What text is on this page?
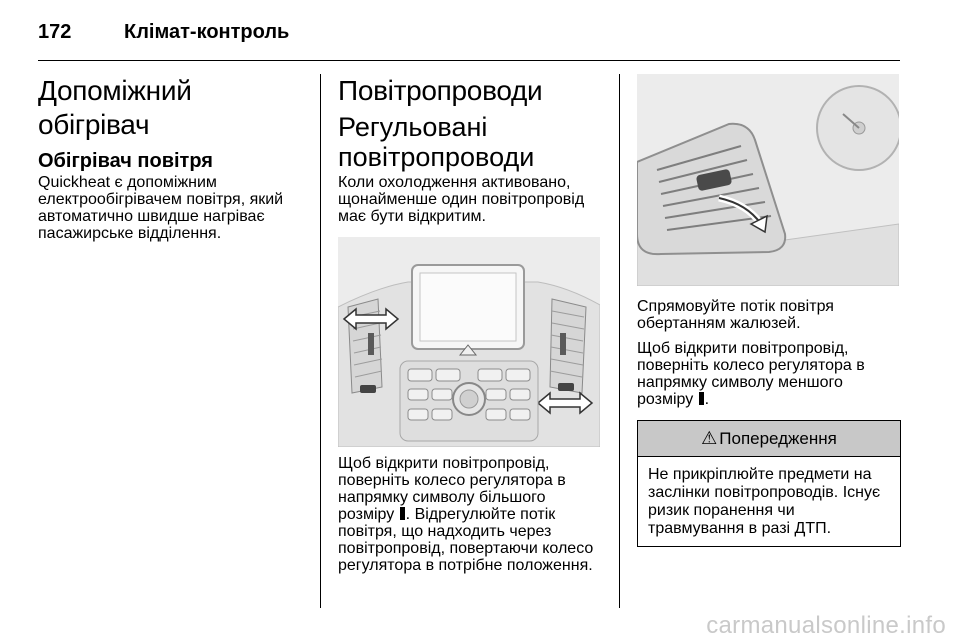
172	Клімат-контроль
Допоміжний обігрівач
Обігрівач повітря

Quickheat є допоміжним електрообігрівачем повітря, який автоматично швидше нагріває пасажирське відділення.

Повітропроводи
Регульовані повітропроводи

Коли охолодження активовано, щонайменше один повітропровід має бути відкритим.

Щоб відкрити повітропровід, поверніть колесо регулятора в напрямку символу більшого розміру . Відрегулюйте потік повітря, що надходить через повітропровід, повертаючи колесо регулятора в потрібне положення.

Спрямовуйте потік повітря обертанням жалюзей.

Щоб відкрити повітропровід, поверніть колесо регулятора в напрямку символу меншого розміру .

⚠ Попередження
Не прикріплюйте предмети на заслінки повітропроводів. Існує ризик поранення чи травмування в разі ДТП.
carmanualsonline.info
